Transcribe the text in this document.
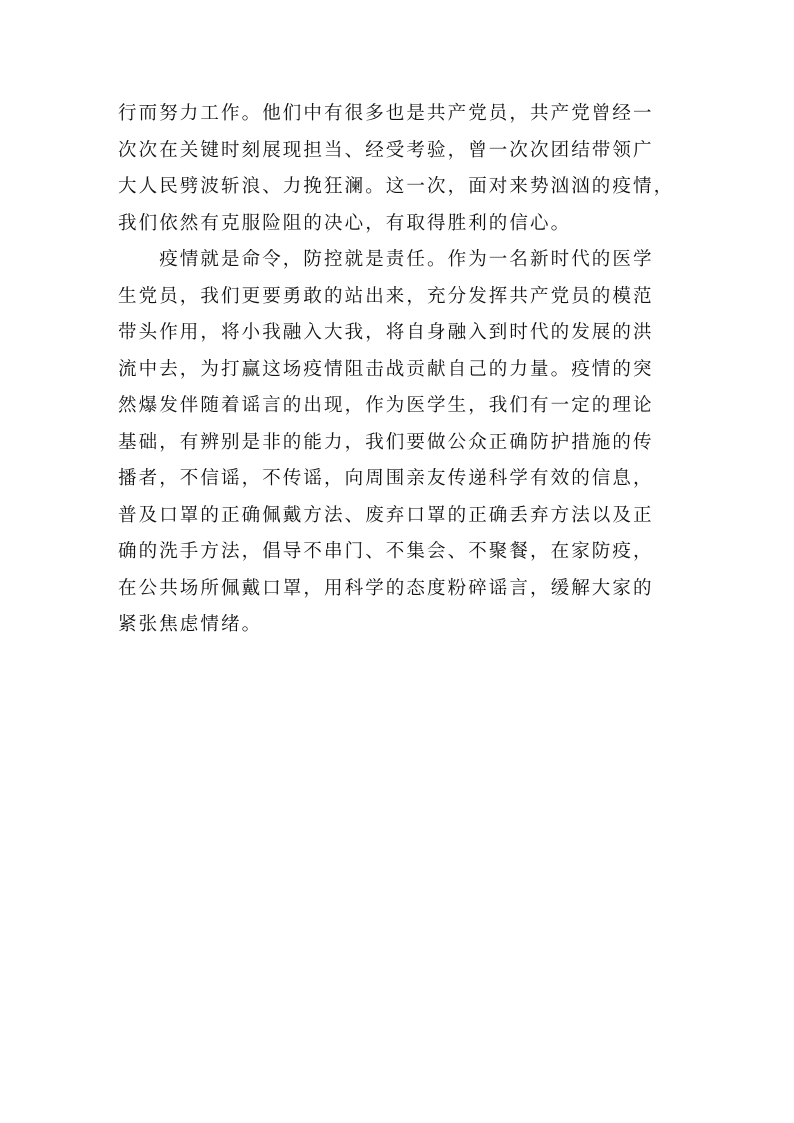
行而努力工作。他们中有很多也是共产党员，共产党曾经一
次次在关键时刻展现担当、经受考验，曾一次次团结带领广
大人民劈波斩浪、力挽狂澜。这一次，面对来势汹汹的疫情，
我们依然有克服险阻的决心，有取得胜利的信心。
　　疫情就是命令，防控就是责任。作为一名新时代的医学
生党员，我们更要勇敢的站出来，充分发挥共产党员的模范
带头作用，将小我融入大我，将自身融入到时代的发展的洪
流中去，为打赢这场疫情阻击战贡献自己的力量。疫情的突
然爆发伴随着谣言的出现，作为医学生，我们有一定的理论
基础，有辨别是非的能力，我们要做公众正确防护措施的传
播者，不信谣，不传谣，向周围亲友传递科学有效的信息，
普及口罩的正确佩戴方法、废弃口罩的正确丢弃方法以及正
确的洗手方法，倡导不串门、不集会、不聚餐，在家防疫，
在公共场所佩戴口罩，用科学的态度粉碎谣言，缓解大家的
紧张焦虑情绪。
